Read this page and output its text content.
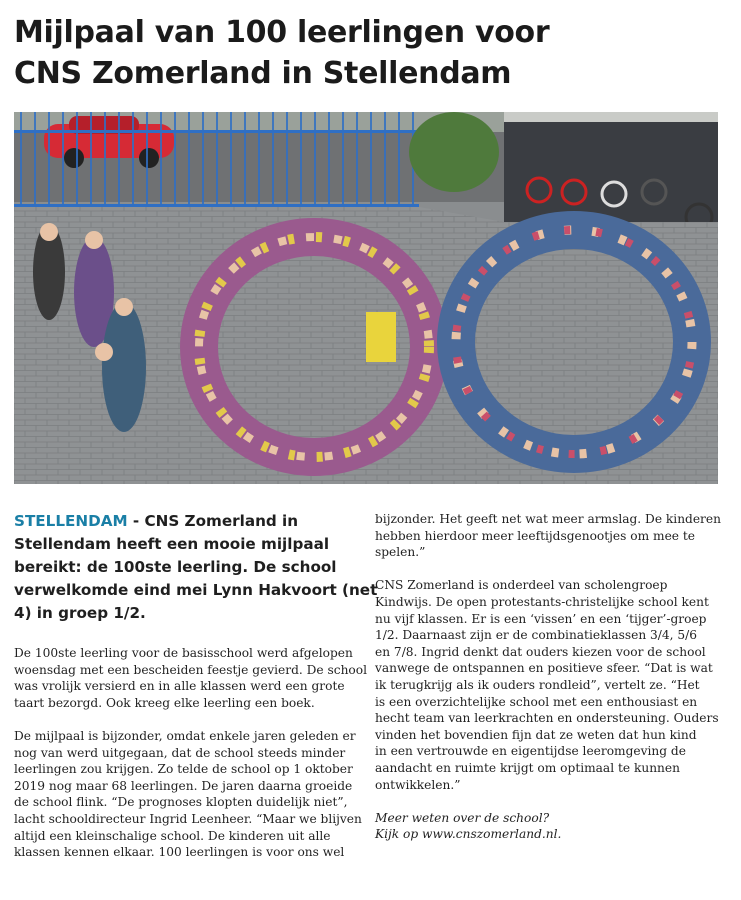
Mijlpaal van 100 leerlingen voor
CNS Zomerland in Stellendam

STELLENDAM - CNS Zomerland in
Stellendam heeft een mooie mijlpaal
bereikt: de 100ste leerling. De school
verwelkomde eind mei Lynn Hakvoort (net
4) in groep 1/2.

De 100ste leerling voor de basisschool werd afgelopen
woensdag met een bescheiden feestje gevierd. De school
was vrolijk versierd en in alle klassen werd een grote
taart bezorgd. Ook kreeg elke leerling een boek.

De mijlpaal is bijzonder, omdat enkele jaren geleden er
nog van werd uitgegaan, dat de school steeds minder
leerlingen zou krijgen. Zo telde de school op 1 oktober
2019 nog maar 68 leerlingen. De jaren daarna groeide
de school flink. “De prognoses klopten duidelijk niet”,
lacht schooldirecteur Ingrid Leenheer. “Maar we blijven
altijd een kleinschalige school. De kinderen uit alle
klassen kennen elkaar. 100 leerlingen is voor ons wel

bijzonder. Het geeft net wat meer armslag. De kinderen
hebben hierdoor meer leeftijdsgenootjes om mee te
spelen.”

CNS Zomerland is onderdeel van scholengroep
Kindwijs. De open protestants-christelijke school kent
nu vijf klassen. Er is een ‘vissen’ en een ‘tijger’-groep
1/2. Daarnaast zijn er de combinatieklassen 3/4, 5/6
en 7/8. Ingrid denkt dat ouders kiezen voor de school
vanwege de ontspannen en positieve sfeer. “Dat is wat
ik terugkrijg als ik ouders rondleid”, vertelt ze. “Het
is een overzichtelijke school met een enthousiast en
hecht team van leerkrachten en ondersteuning. Ouders
vinden het bovendien fijn dat ze weten dat hun kind
in een vertrouwde en eigentijdse leeromgeving de
aandacht en ruimte krijgt om optimaal te kunnen
ontwikkelen.”

Meer weten over de school?
Kijk op www.cnszomerland.nl.
